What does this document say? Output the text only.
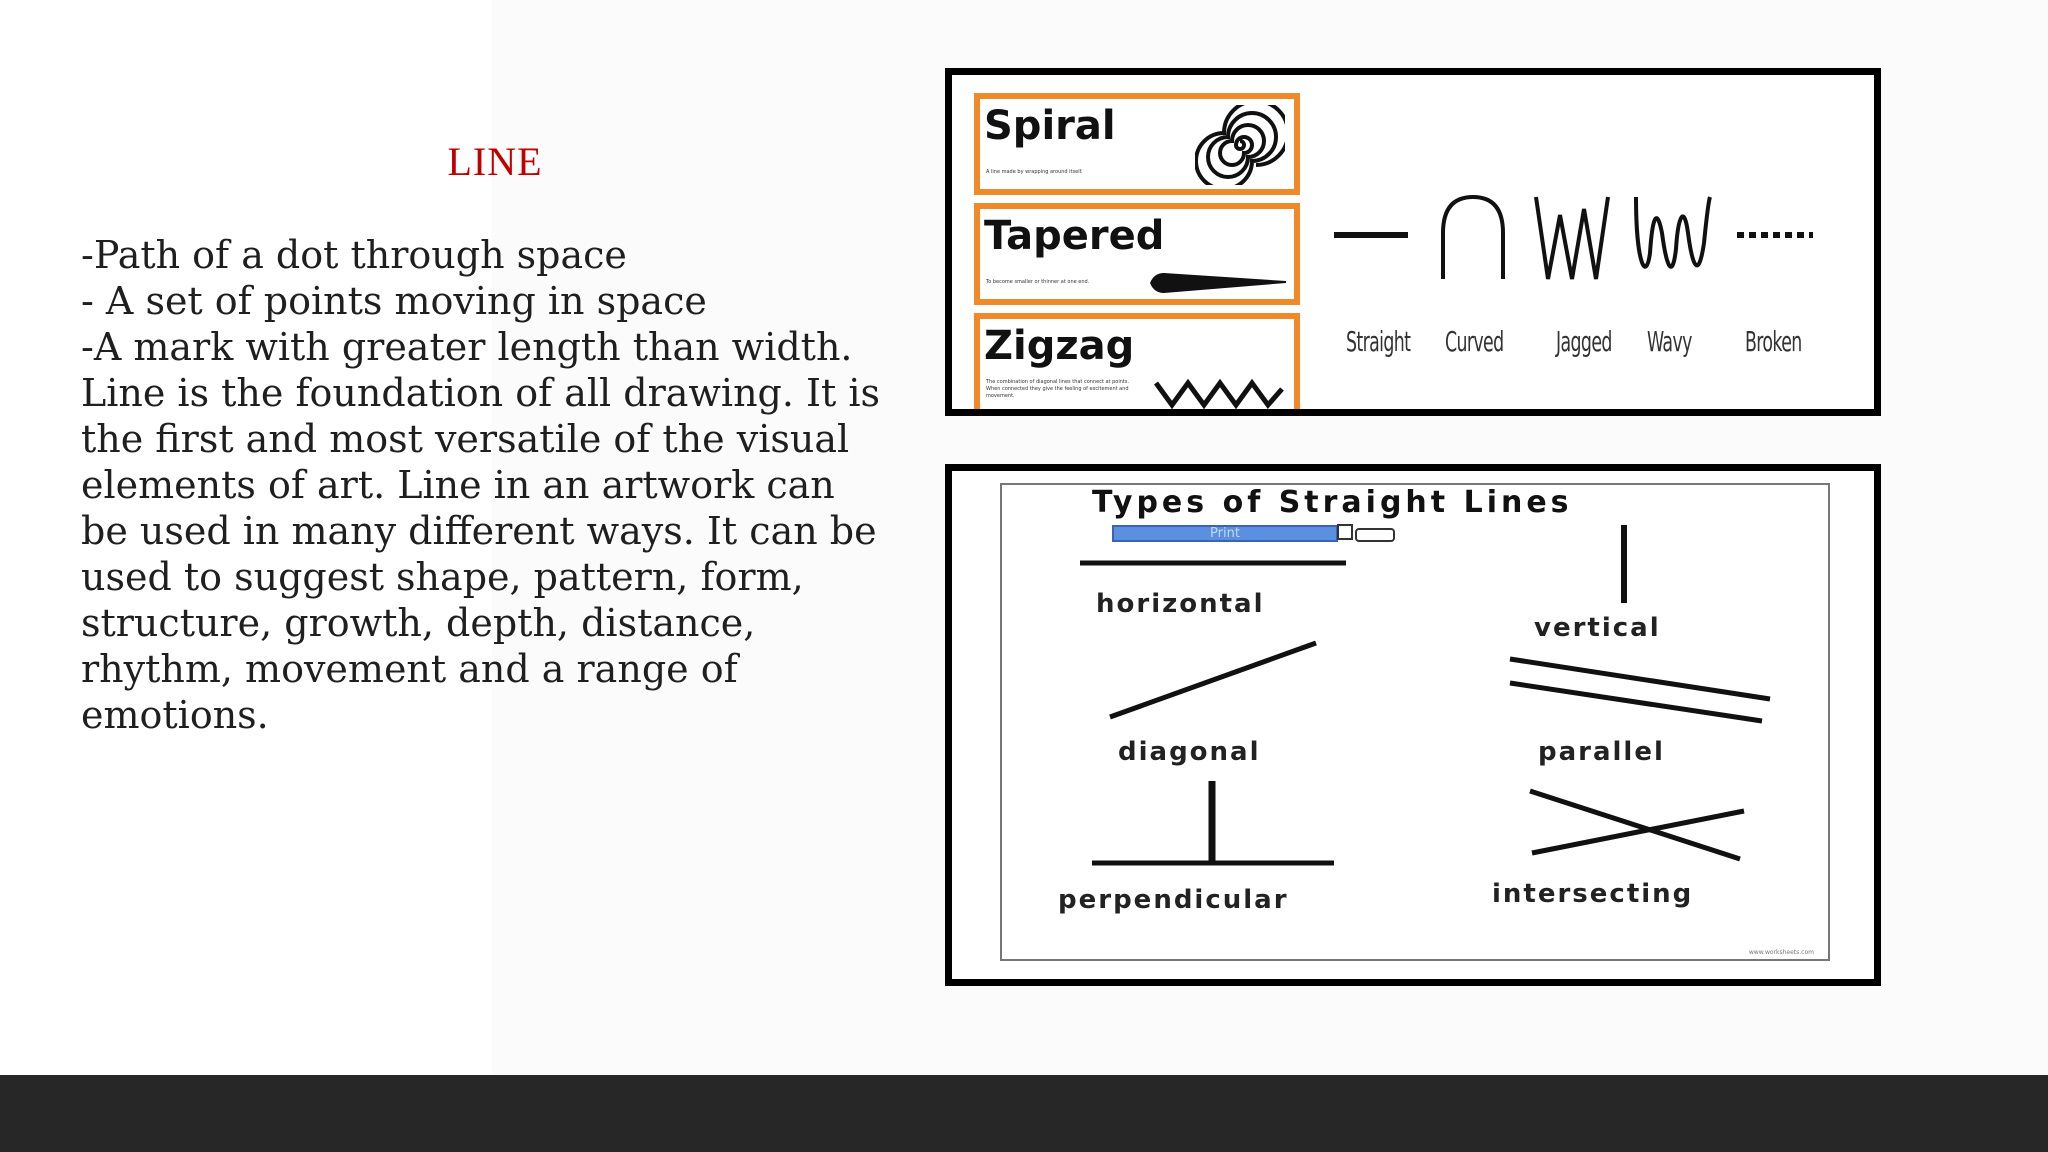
LINE
-Path of a dot through space
- A set of points moving in space
-A mark with greater length than width.
Line is the foundation of all drawing. It is
the first and most versatile of the visual
elements of art. Line in an artwork can
be used in many different ways. It can be
used to suggest shape, pattern, form,
structure, growth, depth, distance,
rhythm, movement and a range of
emotions.
Spiral
A line made by wrapping around itself.
Tapered
To become smaller or thinner at one end.
Zigzag
The combination of diagonal lines that connect at points. When connected they give the feeling of excitement and movement.
Straight Curved Jagged Wavy Broken
Types of Straight Lines
Print
horizontal
vertical
diagonal	parallel
perpendicular	intersecting
www.worksheets.com
